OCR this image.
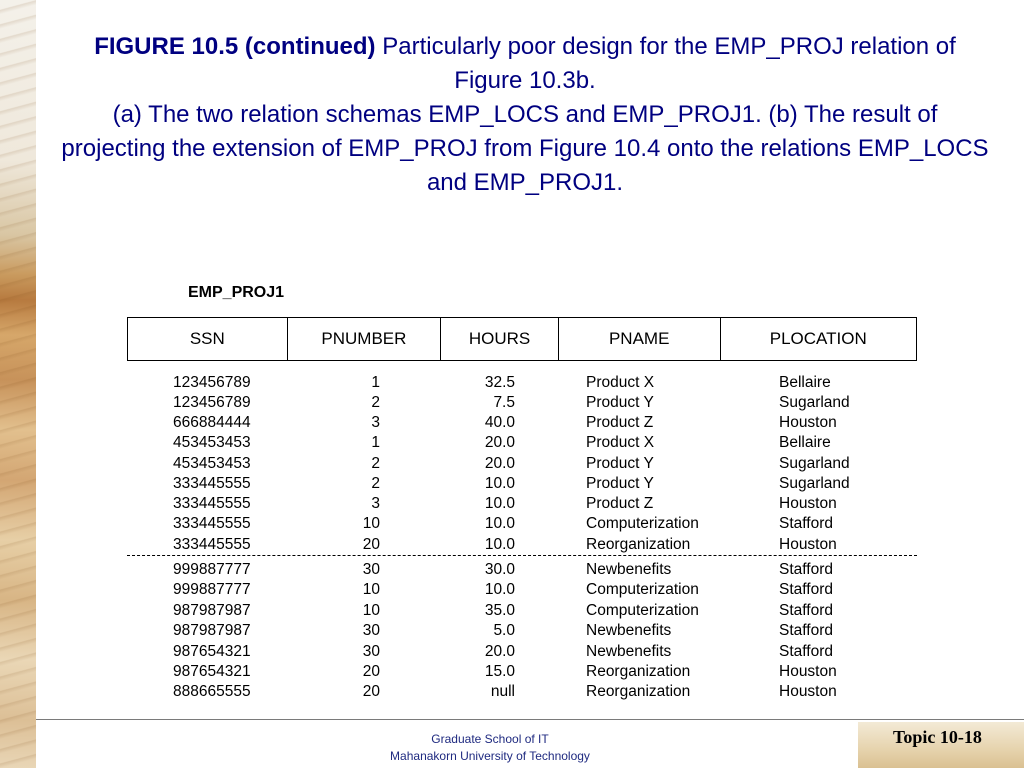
FIGURE 10.5 (continued) Particularly poor design for the EMP_PROJ relation of Figure 10.3b.
(a) The two relation schemas EMP_LOCS and EMP_PROJ1. (b) The result of projecting the extension of EMP_PROJ from Figure 10.4 onto the relations EMP_LOCS and EMP_PROJ1.
EMP_PROJ1
SSN	PNUMBER	HOURS	PNAME	PLOCATION
123456789	1	32.5	Product X	Bellaire
123456789	2	7.5	Product Y	Sugarland
666884444	3	40.0	Product Z	Houston
453453453	1	20.0	Product X	Bellaire
453453453	2	20.0	Product Y	Sugarland
333445555	2	10.0	Product Y	Sugarland
333445555	3	10.0	Product Z	Houston
333445555	10	10.0	Computerization	Stafford
333445555	20	10.0	Reorganization	Houston
999887777	30	30.0	Newbenefits	Stafford
999887777	10	10.0	Computerization	Stafford
987987987	10	35.0	Computerization	Stafford
987987987	30	5.0	Newbenefits	Stafford
987654321	30	20.0	Newbenefits	Stafford
987654321	20	15.0	Reorganization	Houston
888665555	20	null	Reorganization	Houston
Graduate School of IT
Mahanakorn University of Technology
Topic 10-18
